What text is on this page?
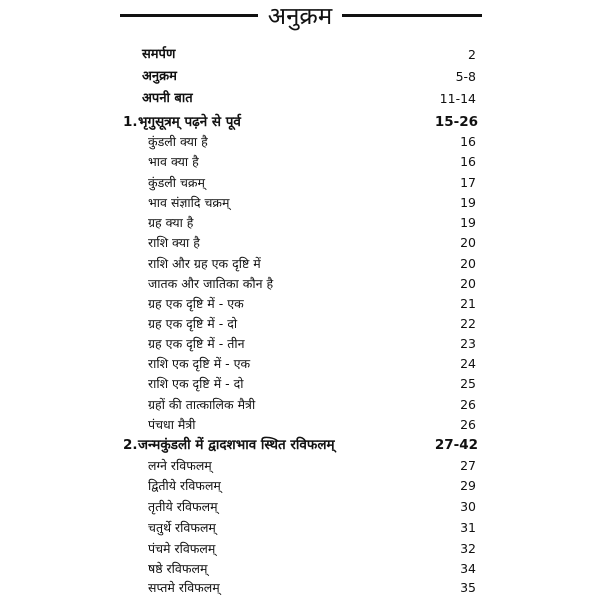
अनुक्रम
समर्पण	2
अनुक्रम	5-8
अपनी बात	11-14
1. भृगुसूत्रम् पढ़ने से पूर्व	15-26
कुंडली क्या है	16
भाव क्या है	16
कुंडली चक्रम्	17
भाव संज्ञादि चक्रम्	19
ग्रह क्या है	19
राशि क्या है	20
राशि और ग्रह एक दृष्टि में	20
जातक और जातिका कौन है	20
ग्रह एक दृष्टि में - एक	21
ग्रह एक दृष्टि में - दो	22
ग्रह एक दृष्टि में - तीन	23
राशि एक दृष्टि में - एक	24
राशि एक दृष्टि में - दो	25
ग्रहों की तात्कालिक मैत्री	26
पंचधा मैत्री	26
2. जन्मकुंडली में द्वादशभाव स्थित रविफलम्	27-42
लग्ने रविफलम्	27
द्वितीये रविफलम्	29
तृतीये रविफलम्	30
चतुर्थे रविफलम्	31
पंचमे रविफलम्	32
षष्ठे रविफलम्	34
सप्तमे रविफलम्	35
